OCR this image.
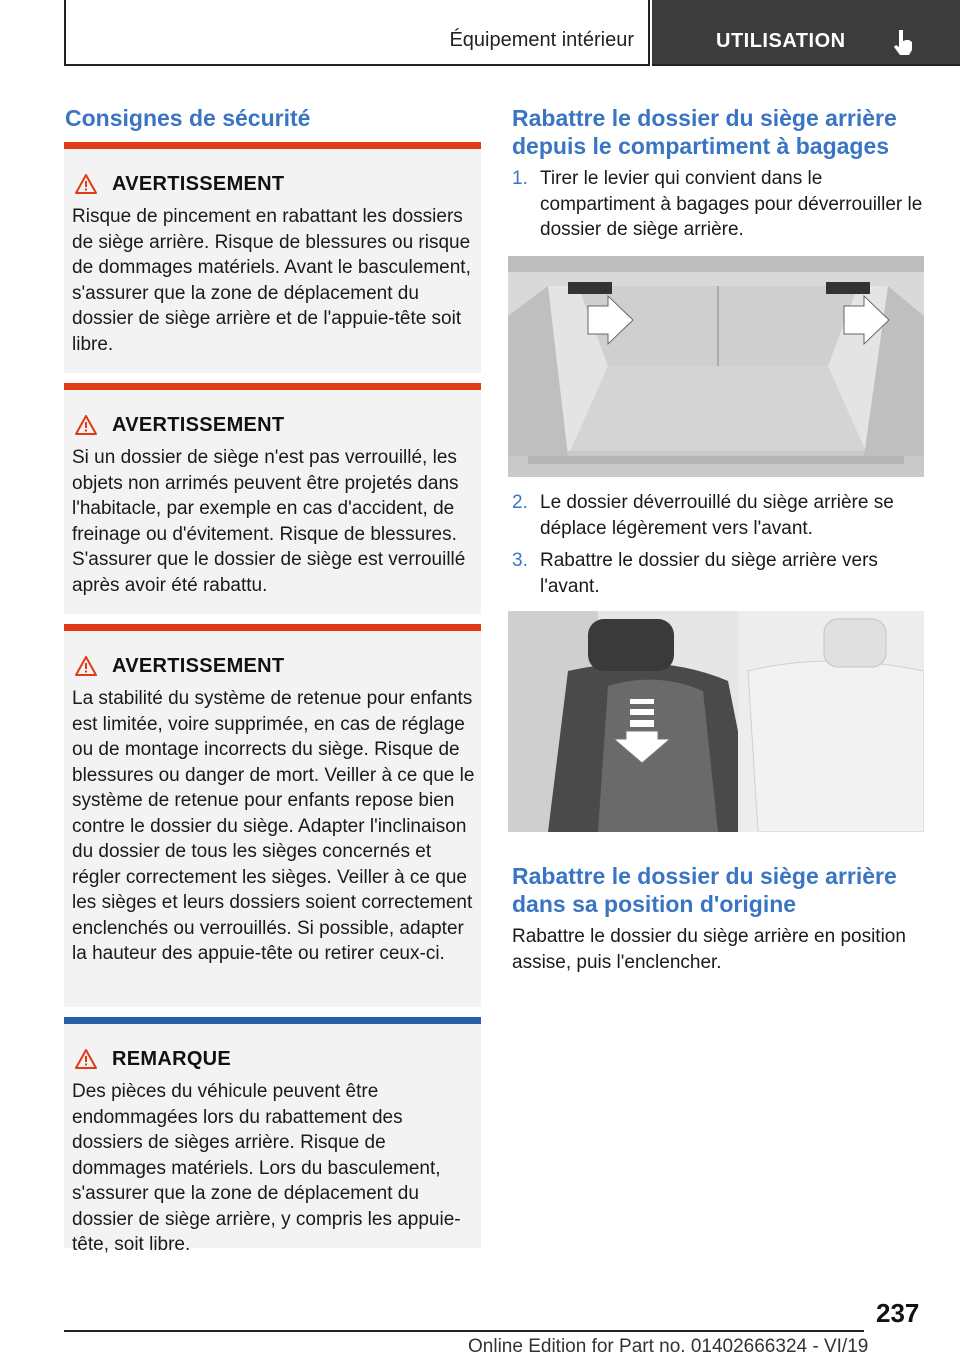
Équipement intérieur	UTILISATION
Consignes de sécurité
AVERTISSEMENT
Risque de pincement en rabattant les dossiers de siège arrière. Risque de blessures ou risque de dommages matériels. Avant le basculement, s'assurer que la zone de déplacement du dossier de siège arrière et de l'appuie-tête soit libre.
AVERTISSEMENT
Si un dossier de siège n'est pas verrouillé, les objets non arrimés peuvent être projetés dans l'habitacle, par exemple en cas d'accident, de freinage ou d'évitement. Risque de blessures. S'assurer que le dossier de siège est verrouillé après avoir été rabattu.
AVERTISSEMENT
La stabilité du système de retenue pour enfants est limitée, voire supprimée, en cas de réglage ou de montage incorrects du siège. Risque de blessures ou danger de mort. Veiller à ce que le système de retenue pour enfants repose bien contre le dossier du siège. Adapter l'inclinaison du dossier de tous les sièges concernés et régler correctement les sièges. Veiller à ce que les sièges et leurs dossiers soient correctement enclenchés ou verrouillés. Si possible, adapter la hauteur des appuie-tête ou retirer ceux-ci.
REMARQUE
Des pièces du véhicule peuvent être endommagées lors du rabattement des dossiers de sièges arrière. Risque de dommages matériels. Lors du basculement, s'assurer que la zone de déplacement du dossier de siège arrière, y compris les appuie-tête, soit libre.
Rabattre le dossier du siège arrière depuis le compartiment à bagages
1. Tirer le levier qui convient dans le compartiment à bagages pour déverrouiller le dossier de siège arrière.
2. Le dossier déverrouillé du siège arrière se déplace légèrement vers l'avant.
3. Rabattre le dossier du siège arrière vers l'avant.
Rabattre le dossier du siège arrière dans sa position d'origine
Rabattre le dossier du siège arrière en position assise, puis l'enclencher.
237
Online Edition for Part no. 01402666324 - VI/19
